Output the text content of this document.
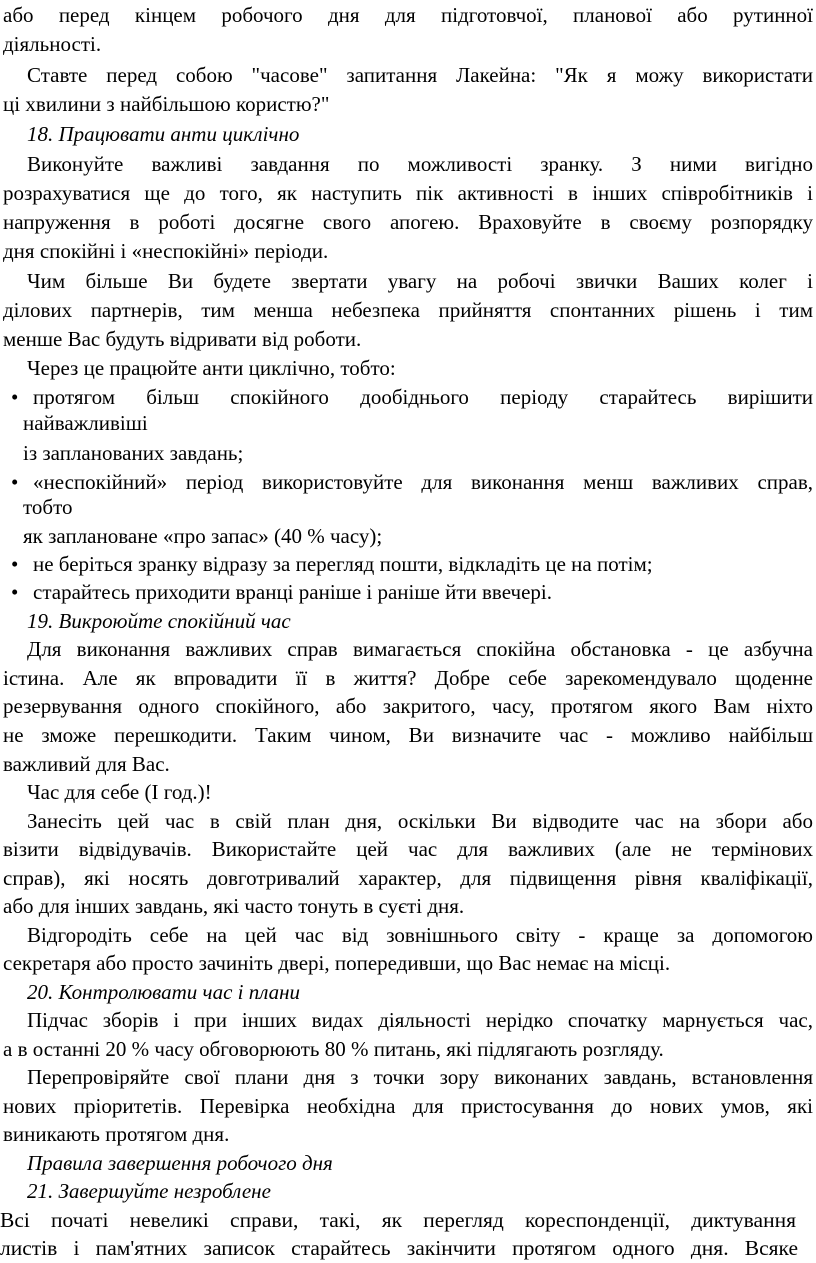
або перед кінцем робочого дня для підготовчої, планової або рутинної
діяльності.
Ставте перед собою "часове" запитання Лакейна: "Як я можу використати
ці хвилини з найбільшою користю?"
18. Працювати анти циклічно
Виконуйте важливі завдання по можливості зранку. З ними вигідно
розрахуватися ще до того, як наступить пік активності в інших співробітників і
напруження в роботі досягне свого апогею. Враховуйте в своєму розпорядку
дня спокійні і «неспокійні» періоди.
Чим більше Ви будете звертати увагу на робочі звички Ваших колег і
ділових партнерів, тим менша небезпека прийняття спонтанних рішень і тим
менше Вас будуть відривати від роботи.
Через це працюйте анти циклічно, тобто:
• протягом більш спокійного дообіднього періоду старайтесь вирішити
найважливіші
із запланованих завдань;
• «неспокійний» період використовуйте для виконання менш важливих справ,
тобто
як заплановане «про запас» (40 % часу);
• не беріться зранку відразу за перегляд пошти, відкладіть це на потім;
• старайтесь приходити вранці раніше і раніше йти ввечері.
19. Викроюйте спокійний час
Для виконання важливих справ вимагається спокійна обстановка - це азбучна
істина. Але як впровадити її в життя? Добре себе зарекомендувало щоденне
резервування одного спокійного, або закритого, часу, протягом якого Вам ніхто
не зможе перешкодити. Таким чином, Ви визначите час - можливо найбільш
важливий для Вас.
Час для себе (І год.)!
Занесіть цей час в свій план дня, оскільки Ви відводите час на збори або
візити відвідувачів. Використайте цей час для важливих (але не термінових
справ), які носять довготривалий характер, для підвищення рівня кваліфікації,
або для інших завдань, які часто тонуть в суєті дня.
Відгородіть себе на цей час від зовнішнього світу - краще за допомогою
секретаря або просто зачиніть двері, попередивши, що Вас немає на місці.
20. Контролювати час і плани
Підчас зборів і при інших видах діяльності нерідко спочатку марнується час,
а в останні 20 % часу обговорюють 80 % питань, які підлягають розгляду.
Перепровіряйте свої плани дня з точки зору виконаних завдань, встановлення
нових пріоритетів. Перевірка необхідна для пристосування до нових умов, які
виникають протягом дня.
Правила завершення робочого дня
21. Завершуйте незроблене
Всі почaті невеликі справи, такі, як перегляд кореспонденції, диктування
листів і пам'ятних записок старайтесь закінчити протягом одного дня. Всяке
